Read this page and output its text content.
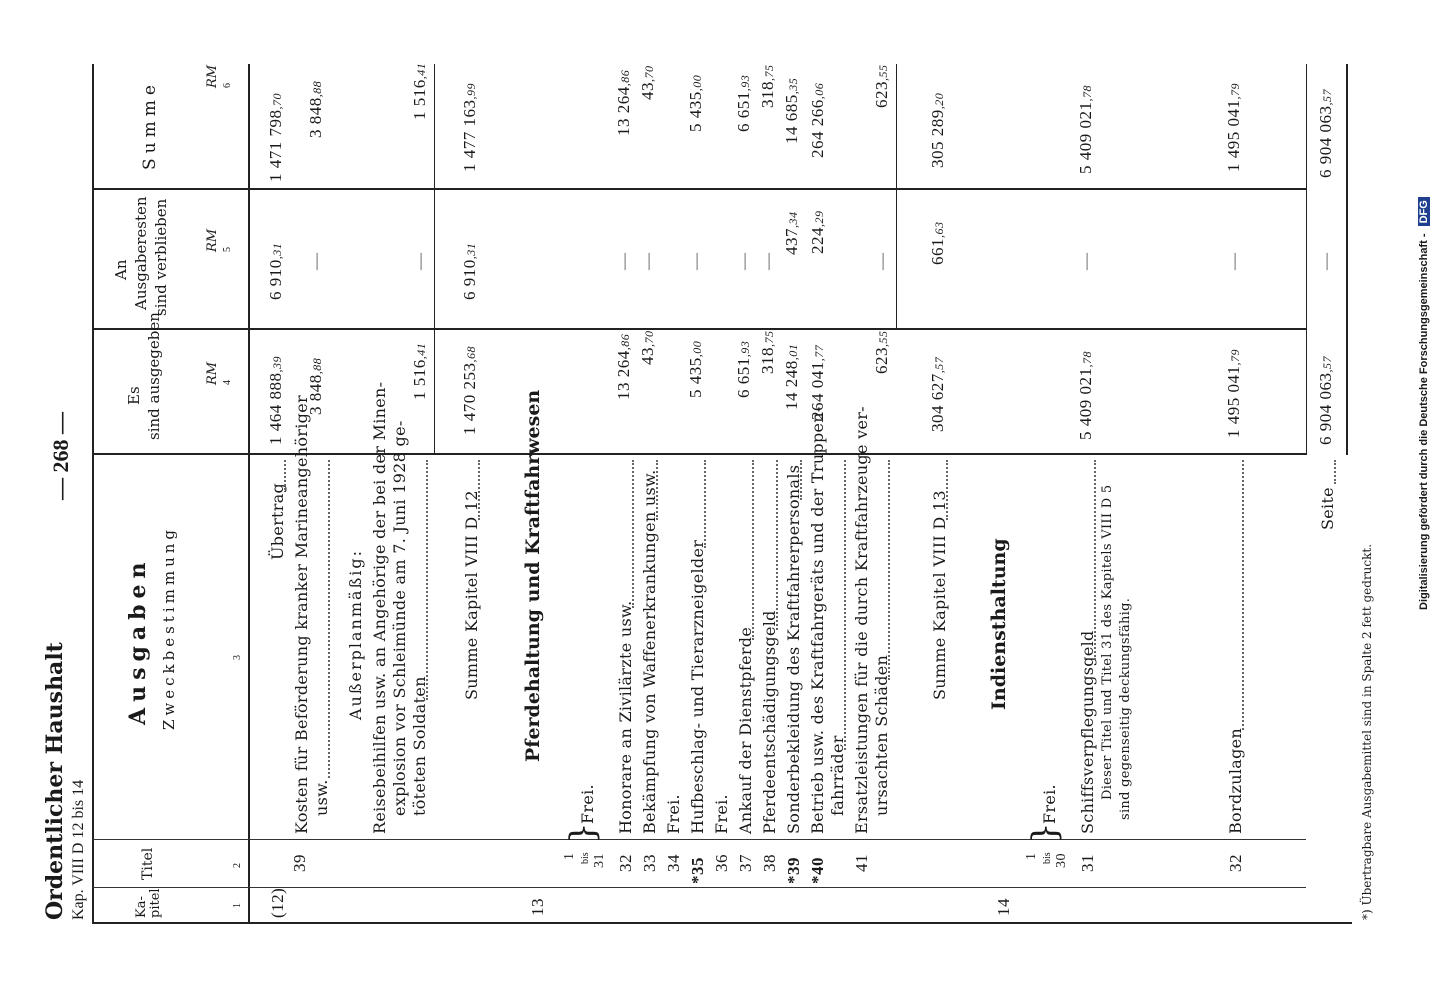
Ordentlicher Haushalt Kap. VIII D 12 bis 14
— 268 —
Ka-pitel
Titel
Ausgaben Zweckbestimmung
Es sind ausgegeben
An Ausgaberesten sind verblieben
Summe
RM
RM
RM
1
2
3
4
5
6
(12)
Übertrag
1 464 888,39
6 910,31
1 471 798,70
39
Kosten für Beförderung kranker Marineangehöriger usw.
3 848,88
—
3 848,88
Außerplanmäßig: Reisebeihilfen usw. an Angehörige der bei der Minen- explosion vor Schleimünde am 7. Juni 1928 ge- töteten Soldaten
1 516,41
—
1 516,41
Summe Kapitel VIII D 12
1 470 253,68
6 910,31
1 477 163,99
13
Pferdehaltung und Kraftfahrwesen
1 bis 31
}
Frei.
32
Honorare an Zivilärzte usw.
13 264,86
—
13 264,86
33
Bekämpfung von Waffenerkrankungen usw.
43,70
—
43,70
34
Frei.
*35
Hufbeschlag- und Tierarzneigelder
5 435,00
—
5 435,00
36
Frei.
37
Ankauf der Dienstpferde
6 651,93
—
6 651,93
38
Pferdeentschädigungsgeld
318,75
—
318,75
*39
Sonderbekleidung des Kraftfahrerpersonals
14 248,01
437,34
14 685,35
*40
Betrieb usw. des Kraftfahrgeräts und der Truppen- fahrräder
264 041,77
224,29
264 266,06
41
Ersatzleistungen für die durch Kraftfahrzeuge ver- ursachten Schäden
623,55
—
623,55
Summe Kapitel VIII D 13
304 627,57
661,63
305 289,20
14
Indiensthaltung
1 bis 30
}
Frei.
31
Schiffsverpflegungsgeld Dieser Titel und Titel 31 des Kapitels VIII D 5 sind gegenseitig deckungsfähig.
5 409 021,78
—
5 409 021,78
32
Bordzulagen
1 495 041,79
—
1 495 041,79
Seite
6 904 063,57
—
6 904 063,57
*) Übertragbare Ausgabemittel sind in Spalte 2 fett gedruckt.
Digitalisierung gefördert durch die Deutsche Forschungsgemeinschaft - DFG
